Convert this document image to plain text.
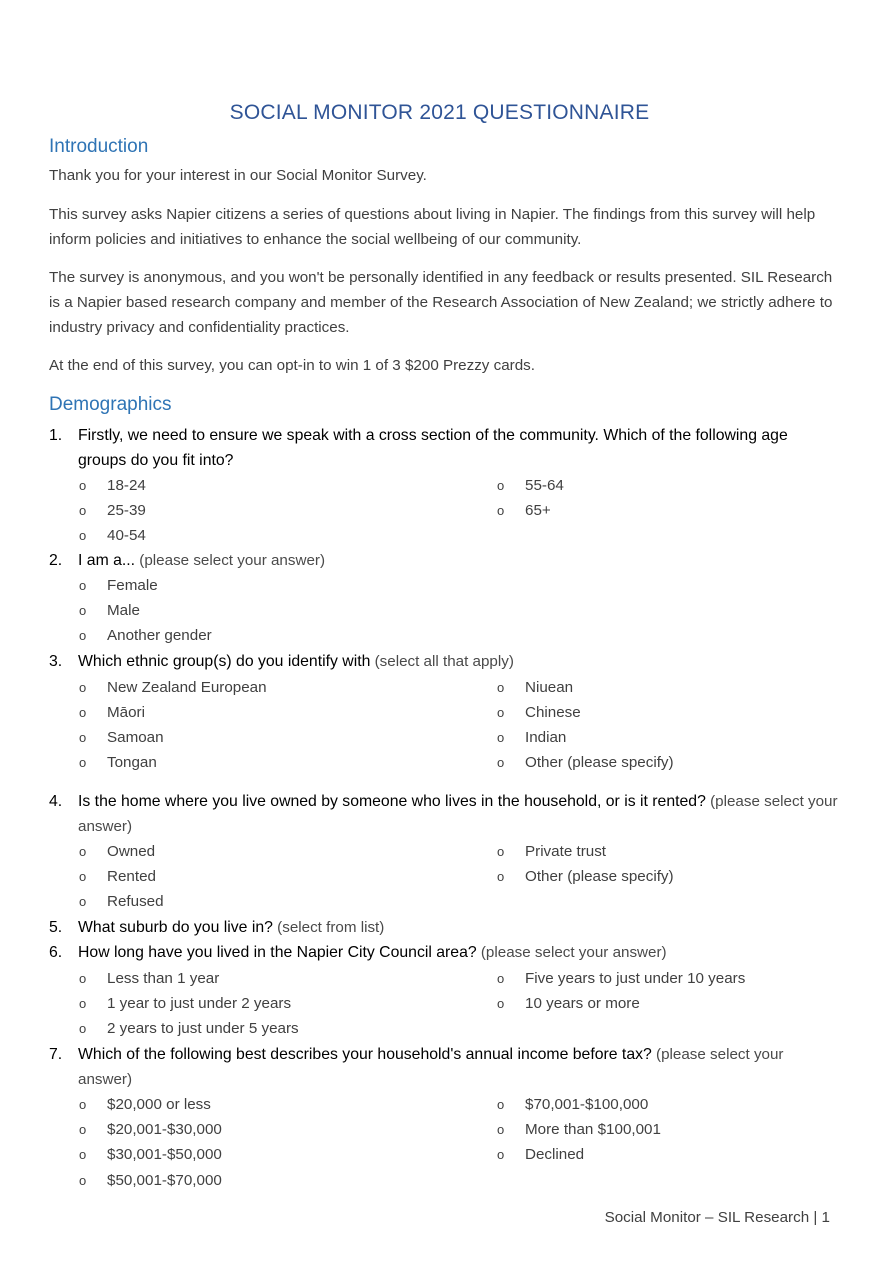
SOCIAL MONITOR 2021 QUESTIONNAIRE
Introduction
Thank you for your interest in our Social Monitor Survey.
This survey asks Napier citizens a series of questions about living in Napier. The findings from this survey will help inform policies and initiatives to enhance the social wellbeing of our community.
The survey is anonymous, and you won't be personally identified in any feedback or results presented. SIL Research is a Napier based research company and member of the Research Association of New Zealand; we strictly adhere to industry privacy and confidentiality practices.
At the end of this survey, you can opt-in to win 1 of 3 $200 Prezzy cards.
Demographics
1. Firstly, we need to ensure we speak with a cross section of the community. Which of the following age groups do you fit into?
o 18-24
o 25-39
o 40-54
o 55-64
o 65+
2. I am a... (please select your answer)
o Female
o Male
o Another gender
3. Which ethnic group(s) do you identify with (select all that apply)
o New Zealand European
o Māori
o Samoan
o Tongan
o Niuean
o Chinese
o Indian
o Other (please specify)
4. Is the home where you live owned by someone who lives in the household, or is it rented? (please select your answer)
o Owned
o Rented
o Refused
o Private trust
o Other (please specify)
5. What suburb do you live in? (select from list)
6. How long have you lived in the Napier City Council area? (please select your answer)
o Less than 1 year
o 1 year to just under 2 years
o 2 years to just under 5 years
o Five years to just under 10 years
o 10 years or more
7. Which of the following best describes your household's annual income before tax? (please select your answer)
o $20,000 or less
o $20,001-$30,000
o $30,001-$50,000
o $50,001-$70,000
o $70,001-$100,000
o More than $100,001
o Declined
Social Monitor – SIL Research | 1
